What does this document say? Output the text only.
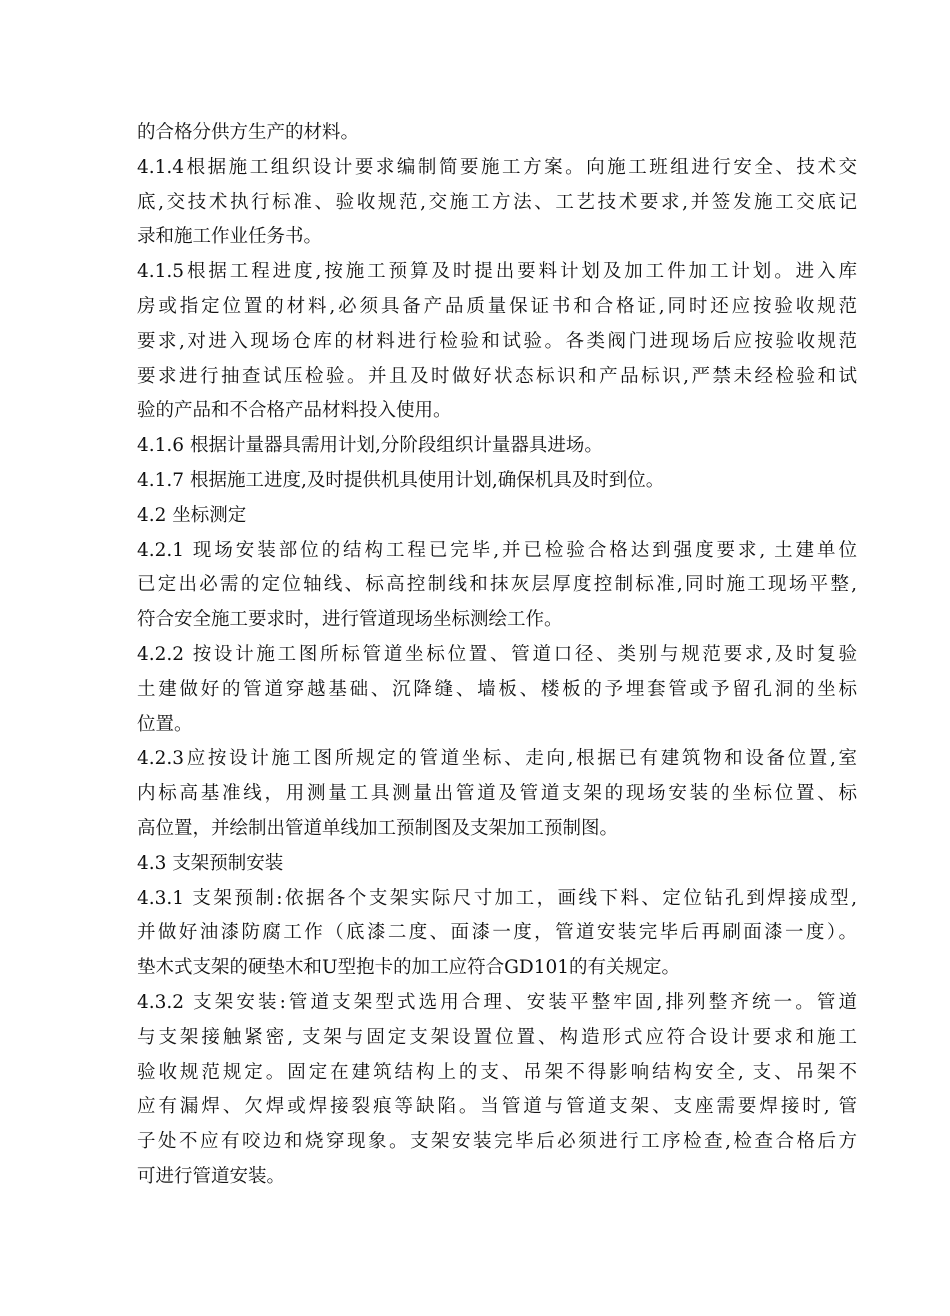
的合格分供方生产的材料。
4.1.4根据施工组织设计要求编制简要施工方案。向施工班组进行安全、技术交
底,交技术执行标准、验收规范,交施工方法、工艺技术要求,并签发施工交底记
录和施工作业任务书。
4.1.5根据工程进度,按施工预算及时提出要料计划及加工件加工计划。进入库
房或指定位置的材料,必须具备产品质量保证书和合格证,同时还应按验收规范
要求,对进入现场仓库的材料进行检验和试验。各类阀门进现场后应按验收规范
要求进行抽查试压检验。并且及时做好状态标识和产品标识,严禁未经检验和试
验的产品和不合格产品材料投入使用。
4.1.6 根据计量器具需用计划,分阶段组织计量器具进场。
4.1.7 根据施工进度,及时提供机具使用计划,确保机具及时到位。
4.2 坐标测定
4.2.1 现场安装部位的结构工程已完毕,并已检验合格达到强度要求, 土建单位
已定出必需的定位轴线、标高控制线和抹灰层厚度控制标准,同时施工现场平整,
符合安全施工要求时，进行管道现场坐标测绘工作。
4.2.2 按设计施工图所标管道坐标位置、管道口径、类别与规范要求,及时复验
土建做好的管道穿越基础、沉降缝、墙板、楼板的予埋套管或予留孔洞的坐标
位置。
4.2.3应按设计施工图所规定的管道坐标、走向,根据已有建筑物和设备位置,室
内标高基准线，用测量工具测量出管道及管道支架的现场安装的坐标位置、标
高位置，并绘制出管道单线加工预制图及支架加工预制图。
4.3 支架预制安装
4.3.1 支架预制:依据各个支架实际尺寸加工，画线下料、定位钻孔到焊接成型,
并做好油漆防腐工作（底漆二度、面漆一度，管道安装完毕后再刷面漆一度）。
垫木式支架的硬垫木和U型抱卡的加工应符合GD101的有关规定。
4.3.2 支架安装:管道支架型式选用合理、安装平整牢固,排列整齐统一。管道
与支架接触紧密, 支架与固定支架设置位置、构造形式应符合设计要求和施工
验收规范规定。固定在建筑结构上的支、吊架不得影响结构安全, 支、吊架不
应有漏焊、欠焊或焊接裂痕等缺陷。当管道与管道支架、支座需要焊接时, 管
子处不应有咬边和烧穿现象。支架安装完毕后必须进行工序检查,检查合格后方
可进行管道安装。
